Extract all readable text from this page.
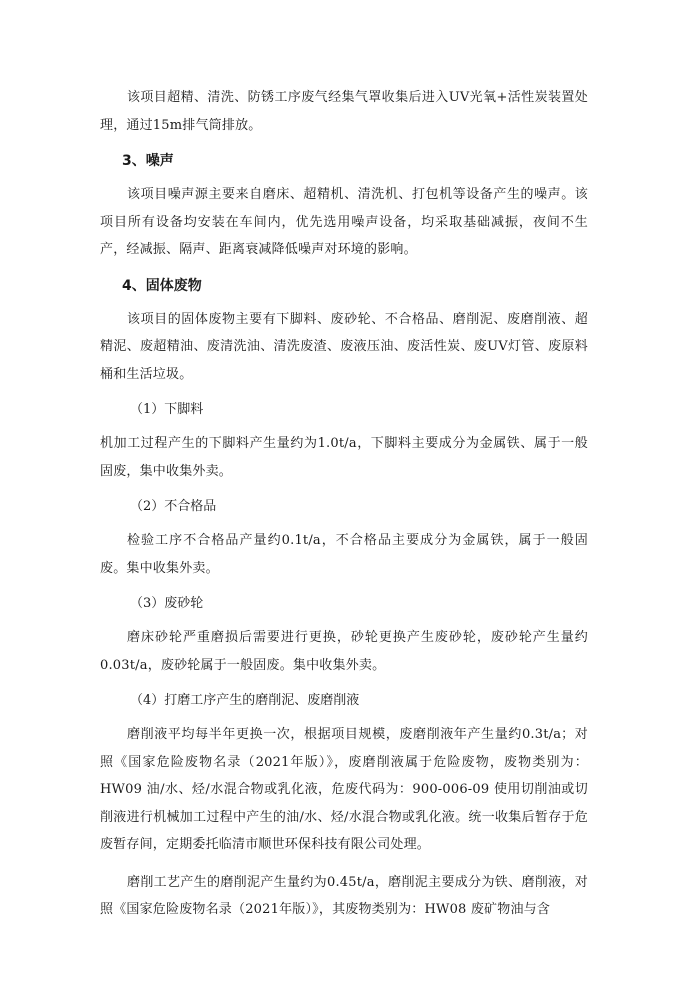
该项目超精、清洗、防锈工序废气经集气罩收集后进入UV光氧+活性炭装置处理，通过15m排气筒排放。

3、噪声

该项目噪声源主要来自磨床、超精机、清洗机、打包机等设备产生的噪声。该项目所有设备均安装在车间内，优先选用噪声设备，均采取基础减振，夜间不生产，经减振、隔声、距离衰减降低噪声对环境的影响。

4、固体废物

该项目的固体废物主要有下脚料、废砂轮、不合格品、磨削泥、废磨削液、超精泥、废超精油、废清洗油、清洗废渣、废液压油、废活性炭、废UV灯管、废原料桶和生活垃圾。

（1）下脚料

机加工过程产生的下脚料产生量约为1.0t/a，下脚料主要成分为金属铁、属于一般固废，集中收集外卖。

（2）不合格品

检验工序不合格品产量约0.1t/a，不合格品主要成分为金属铁，属于一般固废。集中收集外卖。

（3）废砂轮

磨床砂轮严重磨损后需要进行更换，砂轮更换产生废砂轮，废砂轮产生量约0.03t/a，废砂轮属于一般固废。集中收集外卖。

（4）打磨工序产生的磨削泥、废磨削液

磨削液平均每半年更换一次，根据项目规模，废磨削液年产生量约0.3t/a；对照《国家危险废物名录（2021年版）》，废磨削液属于危险废物，废物类别为：HW09 油/水、烃/水混合物或乳化液，危废代码为：900-006-09 使用切削油或切削液进行机械加工过程中产生的油/水、烃/水混合物或乳化液。统一收集后暂存于危废暂存间，定期委托临清市顺世环保科技有限公司处理。

磨削工艺产生的磨削泥产生量约为0.45t/a，磨削泥主要成分为铁、磨削液，对照《国家危险废物名录（2021年版）》，其废物类别为：HW08 废矿物油与含
